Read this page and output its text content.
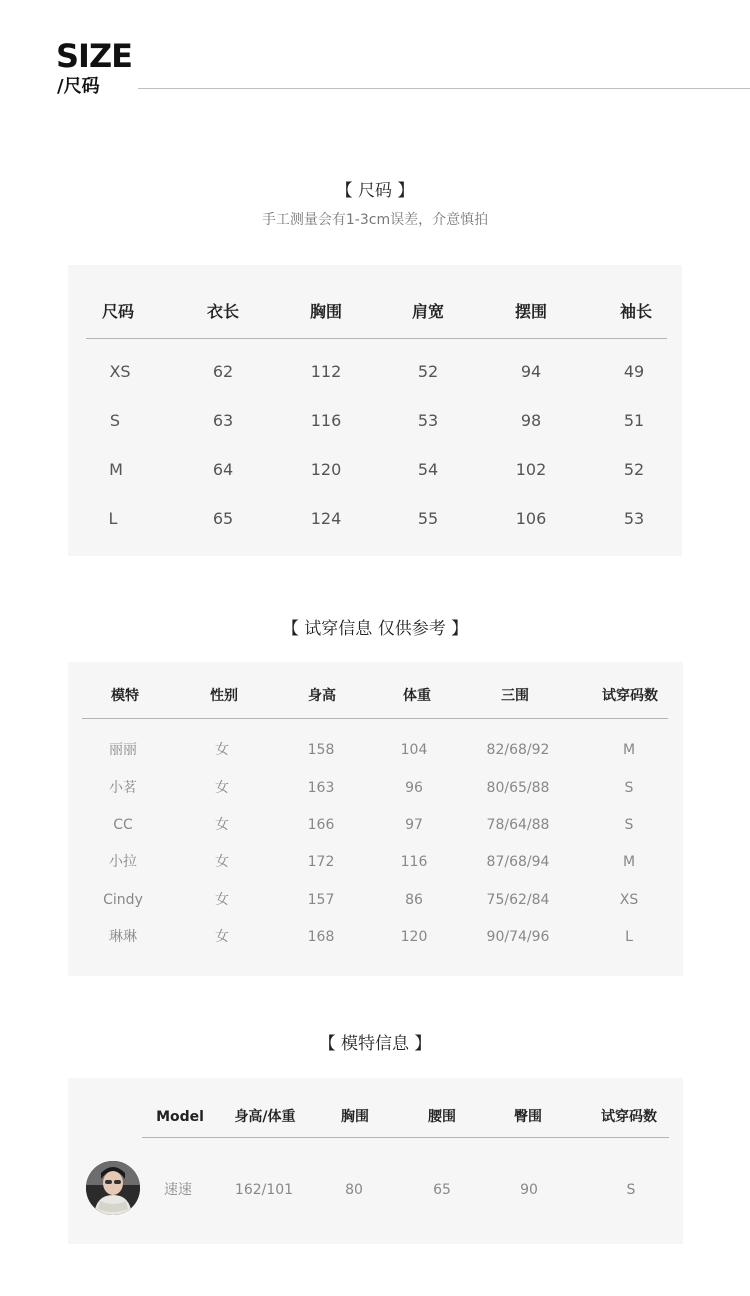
SIZE
/尺码
【 尺码 】
手工测量会有1-3cm误差，介意慎拍
尺码	衣长	胸围	肩宽	摆围	袖长
XS	62	112	52	94	49
S	63	116	53	98	51
M	64	120	54	102	52
L	65	124	55	106	53
【 试穿信息 仅供参考 】
模特	性别	身高	体重	三围	试穿码数
丽丽	女	158	104	82/68/92	M
小茗	女	163	96	80/65/88	S
CC	女	166	97	78/64/88	S
小拉	女	172	116	87/68/94	M
Cindy	女	157	86	75/62/84	XS
琳琳	女	168	120	90/74/96	L
【 模特信息 】
Model	身高/体重	胸围	腰围	臀围	试穿码数
速速	162/101	80	65	90	S
